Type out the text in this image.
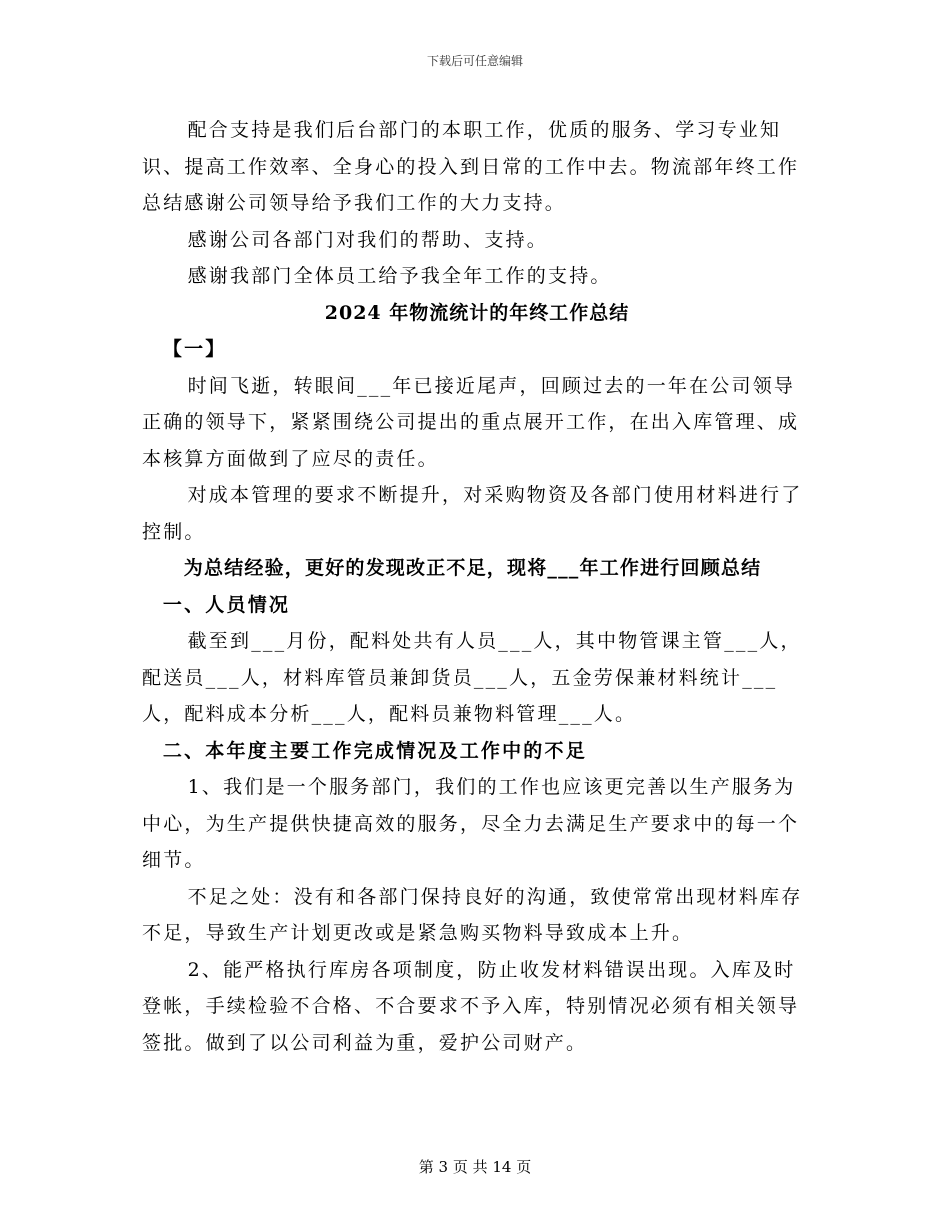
下载后可任意编辑

配合支持是我们后台部门的本职工作，优质的服务、学习专业知识、提高工作效率、全身心的投入到日常的工作中去。物流部年终工作总结感谢公司领导给予我们工作的大力支持。

感谢公司各部门对我们的帮助、支持。

感谢我部门全体员工给予我全年工作的支持。

2024 年物流统计的年终工作总结

【一】

时间飞逝，转眼间___年已接近尾声，回顾过去的一年在公司领导正确的领导下，紧紧围绕公司提出的重点展开工作，在出入库管理、成本核算方面做到了应尽的责任。

对成本管理的要求不断提升，对采购物资及各部门使用材料进行了控制。

为总结经验，更好的发现改正不足，现将___年工作进行回顾总结

一、人员情况

截至到___月份，配料处共有人员___人，其中物管课主管___人，配送员___人，材料库管员兼卸货员___人，五金劳保兼材料统计___人，配料成本分析___人，配料员兼物料管理___人。

二、本年度主要工作完成情况及工作中的不足

1、我们是一个服务部门，我们的工作也应该更完善以生产服务为中心，为生产提供快捷高效的服务，尽全力去满足生产要求中的每一个细节。

不足之处：没有和各部门保持良好的沟通，致使常常出现材料库存不足，导致生产计划更改或是紧急购买物料导致成本上升。

2、能严格执行库房各项制度，防止收发材料错误出现。入库及时登帐，手续检验不合格、不合要求不予入库，特别情况必须有相关领导签批。做到了以公司利益为重，爱护公司财产。

第 3 页 共 14 页
